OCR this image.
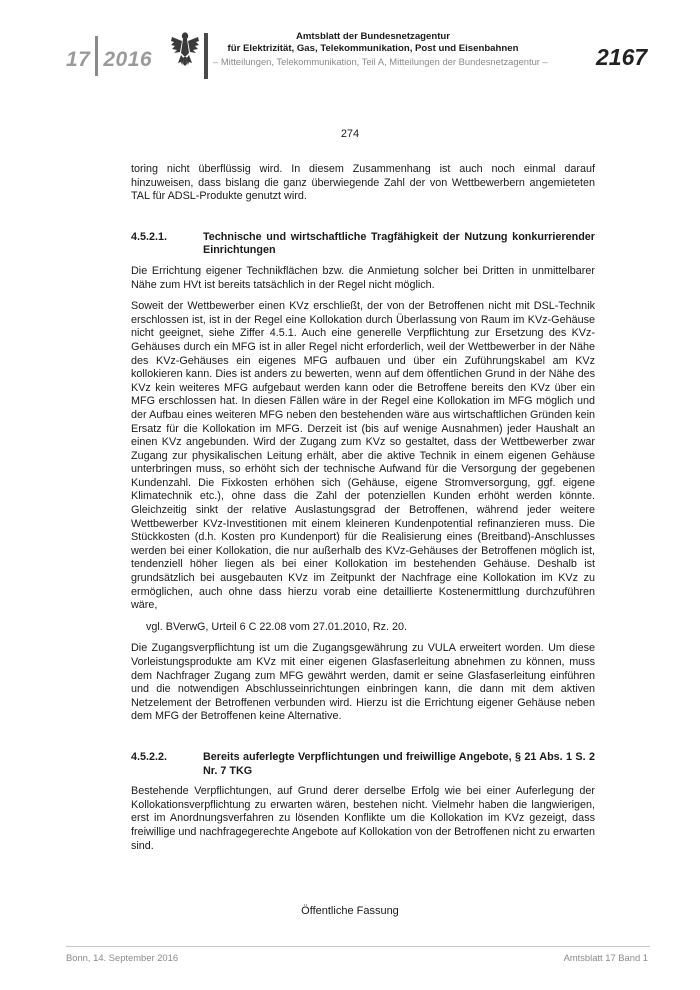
17 2016
Amtsblatt der Bundesnetzagentur
für Elektrizität, Gas, Telekommunikation, Post und Eisenbahnen
– Mitteilungen, Telekommunikation, Teil A, Mitteilungen der Bundesnetzagentur – 2167
274

toring nicht überflüssig wird. In diesem Zusammenhang ist auch noch einmal darauf hinzuweisen, dass bislang die ganz überwiegende Zahl der von Wettbewerbern angemieteten TAL für ADSL-Produkte genutzt wird.

4.5.2.1.	Technische und wirtschaftliche Tragfähigkeit der Nutzung konkurrierender Einrichtungen

Die Errichtung eigener Technikflächen bzw. die Anmietung solcher bei Dritten in unmittelbarer Nähe zum HVt ist bereits tatsächlich in der Regel nicht möglich.

Soweit der Wettbewerber einen KVz erschließt, der von der Betroffenen nicht mit DSL-Technik erschlossen ist, ist in der Regel eine Kollokation durch Überlassung von Raum im KVz-Gehäuse nicht geeignet, siehe Ziffer 4.5.1. Auch eine generelle Verpflichtung zur Ersetzung des KVz-Gehäuses durch ein MFG ist in aller Regel nicht erforderlich, weil der Wettbewerber in der Nähe des KVz-Gehäuses ein eigenes MFG aufbauen und über ein Zuführungskabel am KVz kollokieren kann. Dies ist anders zu bewerten, wenn auf dem öffentlichen Grund in der Nähe des KVz kein weiteres MFG aufgebaut werden kann oder die Betroffene bereits den KVz über ein MFG erschlossen hat. In diesen Fällen wäre in der Regel eine Kollokation im MFG möglich und der Aufbau eines weiteren MFG neben den bestehenden wäre aus wirtschaftlichen Gründen kein Ersatz für die Kollokation im MFG. Derzeit ist (bis auf wenige Ausnahmen) jeder Haushalt an einen KVz angebunden. Wird der Zugang zum KVz so gestaltet, dass der Wettbewerber zwar Zugang zur physikalischen Leitung erhält, aber die aktive Technik in einem eigenen Gehäuse unterbringen muss, so erhöht sich der technische Aufwand für die Versorgung der gegebenen Kundenzahl. Die Fixkosten erhöhen sich (Gehäuse, eigene Stromversorgung, ggf. eigene Klimatechnik etc.), ohne dass die Zahl der potenziellen Kunden erhöht werden könnte. Gleichzeitig sinkt der relative Auslastungsgrad der Betroffenen, während jeder weitere Wettbewerber KVz-Investitionen mit einem kleineren Kundenpotential refinanzieren muss. Die Stückkosten (d.h. Kosten pro Kundenport) für die Realisierung eines (Breitband)-Anschlusses werden bei einer Kollokation, die nur außerhalb des KVz-Gehäuses der Betroffenen möglich ist, tendenziell höher liegen als bei einer Kollokation im bestehenden Gehäuse. Deshalb ist grundsätzlich bei ausgebauten KVz im Zeitpunkt der Nachfrage eine Kollokation im KVz zu ermöglichen, auch ohne dass hierzu vorab eine detaillierte Kostenermittlung durchzuführen wäre,

vgl. BVerwG, Urteil 6 C 22.08 vom 27.01.2010, Rz. 20.

Die Zugangsverpflichtung ist um die Zugangsgewährung zu VULA erweitert worden. Um diese Vorleistungsprodukte am KVz mit einer eigenen Glasfaserleitung abnehmen zu können, muss dem Nachfrager Zugang zum MFG gewährt werden, damit er seine Glasfaserleitung einführen und die notwendigen Abschlusseinrichtungen einbringen kann, die dann mit dem aktiven Netzelement der Betroffenen verbunden wird. Hierzu ist die Errichtung eigener Gehäuse neben dem MFG der Betroffenen keine Alternative.

4.5.2.2.	Bereits auferlegte Verpflichtungen und freiwillige Angebote, § 21 Abs. 1 S. 2 Nr. 7 TKG

Bestehende Verpflichtungen, auf Grund derer derselbe Erfolg wie bei einer Auferlegung der Kollokationsverpflichtung zu erwarten wären, bestehen nicht. Vielmehr haben die langwierigen, erst im Anordnungsverfahren zu lösenden Konflikte um die Kollokation im KVz gezeigt, dass freiwillige und nachfragegerechte Angebote auf Kollokation von der Betroffenen nicht zu erwarten sind.

Öffentliche Fassung
Bonn, 14. September 2016	Amtsblatt 17 Band 1
